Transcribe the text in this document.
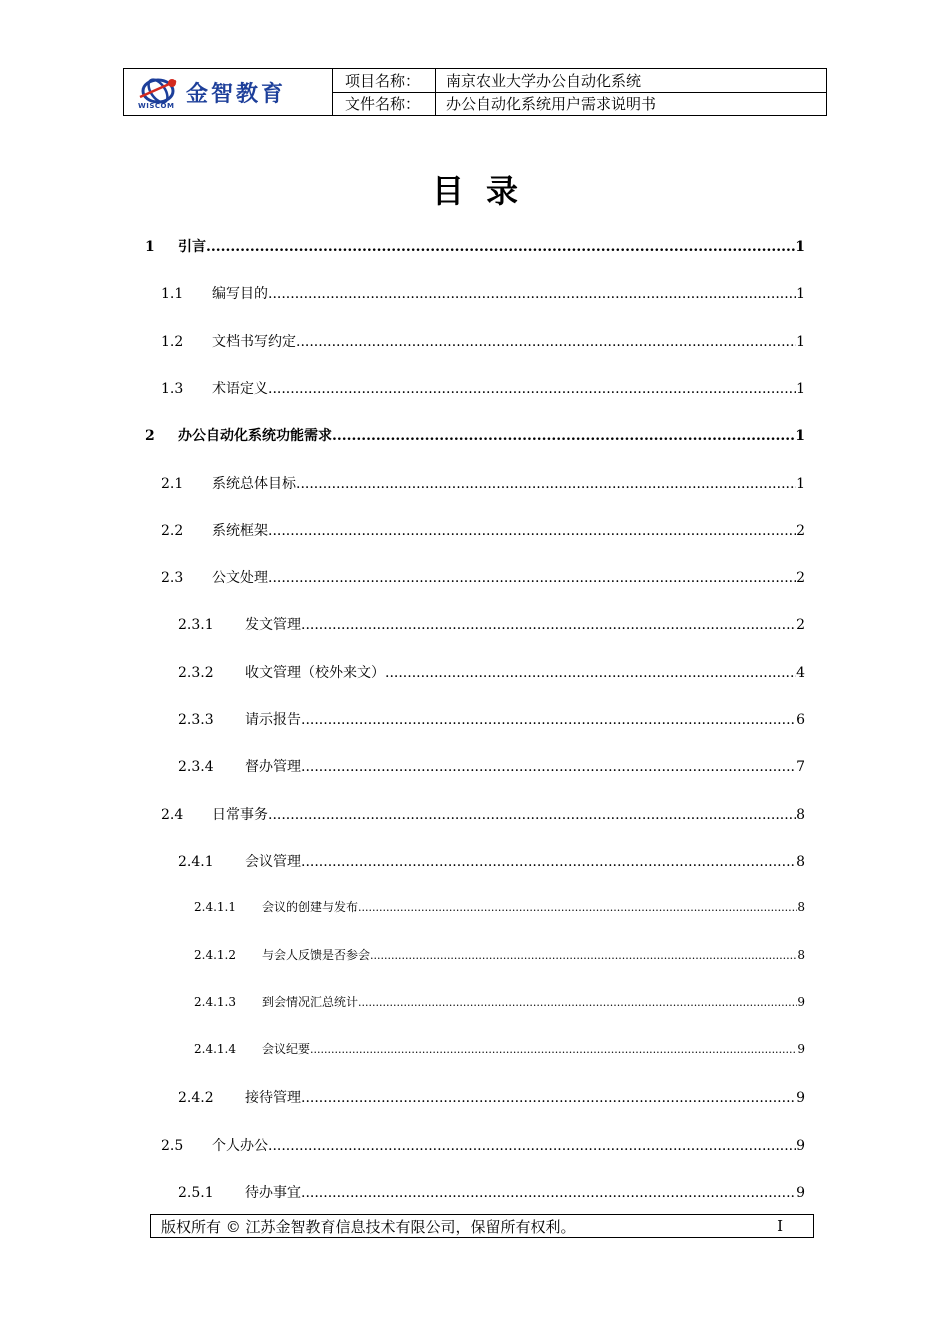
金智教育
WISCOM
项目名称：	南京农业大学办公自动化系统
文件名称：	办公自动化系统用户需求说明书
目录
1	引言 .....	1
1.1	编写目的 .....	1
1.2	文档书写约定 .....	1
1.3	术语定义 .....	1
2	办公自动化系统功能需求 .....	1
2.1	系统总体目标 .....	1
2.2	系统框架 .....	2
2.3	公文处理 .....	2
2.3.1	发文管理 .....	2
2.3.2	收文管理（校外来文） .....	4
2.3.3	请示报告 .....	6
2.3.4	督办管理 .....	7
2.4	日常事务 .....	8
2.4.1	会议管理 .....	8
2.4.1.1	会议的创建与发布 .....	8
2.4.1.2	与会人反馈是否参会 .....	8
2.4.1.3	到会情况汇总统计 .....	9
2.4.1.4	会议纪要 .....	9
2.4.2	接待管理 .....	9
2.5	个人办公 .....	9
2.5.1	待办事宜 .....	9
版权所有 © 江苏金智教育信息技术有限公司，保留所有权利。	I
